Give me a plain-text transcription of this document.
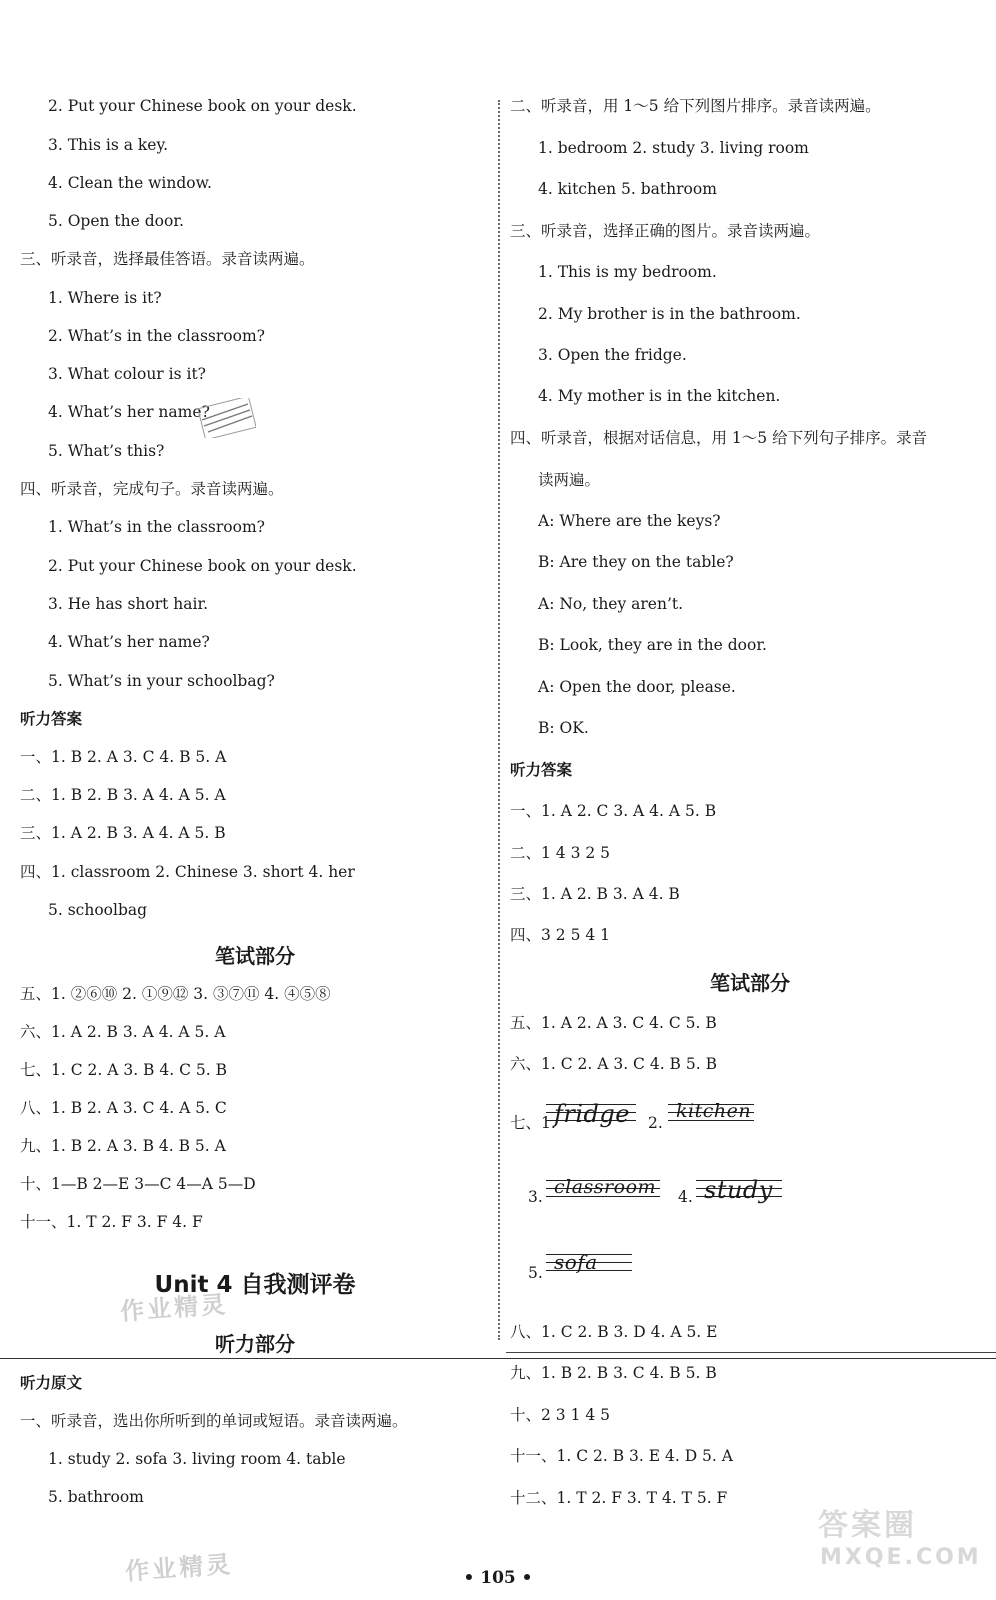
2. Put your Chinese book on your desk.
3. This is a key.
4. Clean the window.
5. Open the door.
三、听录音，选择最佳答语。录音读两遍。
1. Where is it?
2. What’s in the classroom?
3. What colour is it?
4. What’s her name?
5. What’s this?
四、听录音，完成句子。录音读两遍。
1. What’s in the classroom?
2. Put your Chinese book on your desk.
3. He has short hair.
4. What’s her name?
5. What’s in your schoolbag?
听力答案
一、1. B 2. A 3. C 4. B 5. A
二、1. B 2. B 3. A 4. A 5. A
三、1. A 2. B 3. A 4. A 5. B
四、1. classroom 2. Chinese 3. short 4. her
5. schoolbag
笔试部分
五、1. ②⑥⑩ 2. ①⑨⑫ 3. ③⑦⑪ 4. ④⑤⑧
六、1. A 2. B 3. A 4. A 5. A
七、1. C 2. A 3. B 4. C 5. B
八、1. B 2. A 3. C 4. A 5. C
九、1. B 2. A 3. B 4. B 5. A
十、1—B 2—E 3—C 4—A 5—D
十一、1. T 2. F 3. F 4. F
Unit 4 自我测评卷
听力部分
听力原文
一、听录音，选出你所听到的单词或短语。录音读两遍。
1. study 2. sofa 3. living room 4. table
5. bathroom
二、听录音，用 1～5 给下列图片排序。录音读两遍。
1. bedroom 2. study 3. living room
4. kitchen 5. bathroom
三、听录音，选择正确的图片。录音读两遍。
1. This is my bedroom.
2. My brother is in the bathroom.
3. Open the fridge.
4. My mother is in the kitchen.
四、听录音，根据对话信息，用 1～5 给下列句子排序。录音
读两遍。
A: Where are the keys?
B: Are they on the table?
A: No, they aren’t.
B: Look, they are in the door.
A: Open the door, please.
B: OK.
听力答案
一、1. A 2. C 3. A 4. A 5. B
二、1 4 3 2 5
三、1. A 2. B 3. A 4. B
四、3 2 5 4 1
笔试部分
五、1. A 2. A 3. C 4. C 5. B
六、1. C 2. A 3. C 4. B 5. B
七、1.	2.
3.	4.
5.
fridge kitchen
classroom study
sofa
八、1. C 2. B 3. D 4. A 5. E
九、1. B 2. B 3. C 4. B 5. B
十、2 3 1 4 5
十一、1. C 2. B 3. E 4. D 5. A
十二、1. T 2. F 3. T 4. T 5. F
• 105 •
作业精灵
作业精灵
答案圈
MXQE.COM
